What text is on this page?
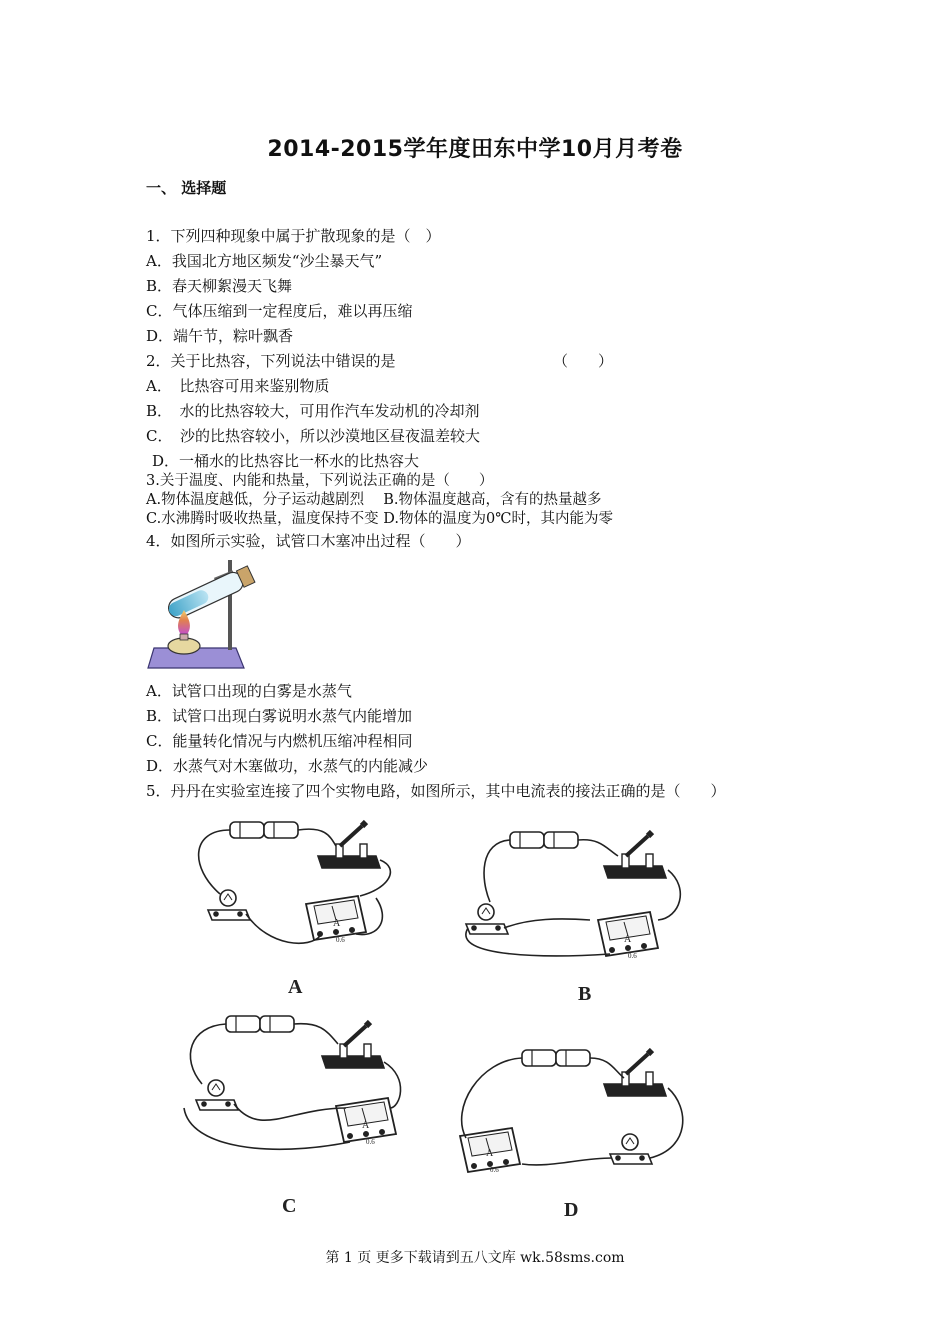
2014-2015学年度田东中学10月月考卷
一、 选择题
1．下列四种现象中属于扩散现象的是（　）
A．我国北方地区频发“沙尘暴天气”
B．春天柳絮漫天飞舞
C．气体压缩到一定程度后，难以再压缩
D．端午节，粽叶飘香
2．关于比热容，下列说法中错误的是	（　　）
A．　比热容可用来鉴别物质
B．　水的比热容较大，可用作汽车发动机的冷却剂
C．　沙的比热容较小，所以沙漠地区昼夜温差较大
D．一桶水的比热容比一杯水的比热容大
3.关于温度、内能和热量，下列说法正确的是（　　）
A.物体温度越低，分子运动越剧烈　 B.物体温度越高，含有的热量越多
C.水沸腾时吸收热量，温度保持不变 D.物体的温度为0℃时，其内能为零
4．如图所示实验，试管口木塞冲出过程（　　）
A．试管口出现的白雾是水蒸气
B．试管口出现白雾说明水蒸气内能增加
C．能量转化情况与内燃机压缩冲程相同
D．水蒸气对木塞做功，水蒸气的内能减少
5．丹丹在实验室连接了四个实物电路，如图所示，其中电流表的接法正确的是（　　）
A
A
0.6
B
A
0.6
C
A
0.6
D
A
0.6
第 1 页 更多下载请到五八文库 wk.58sms.com
